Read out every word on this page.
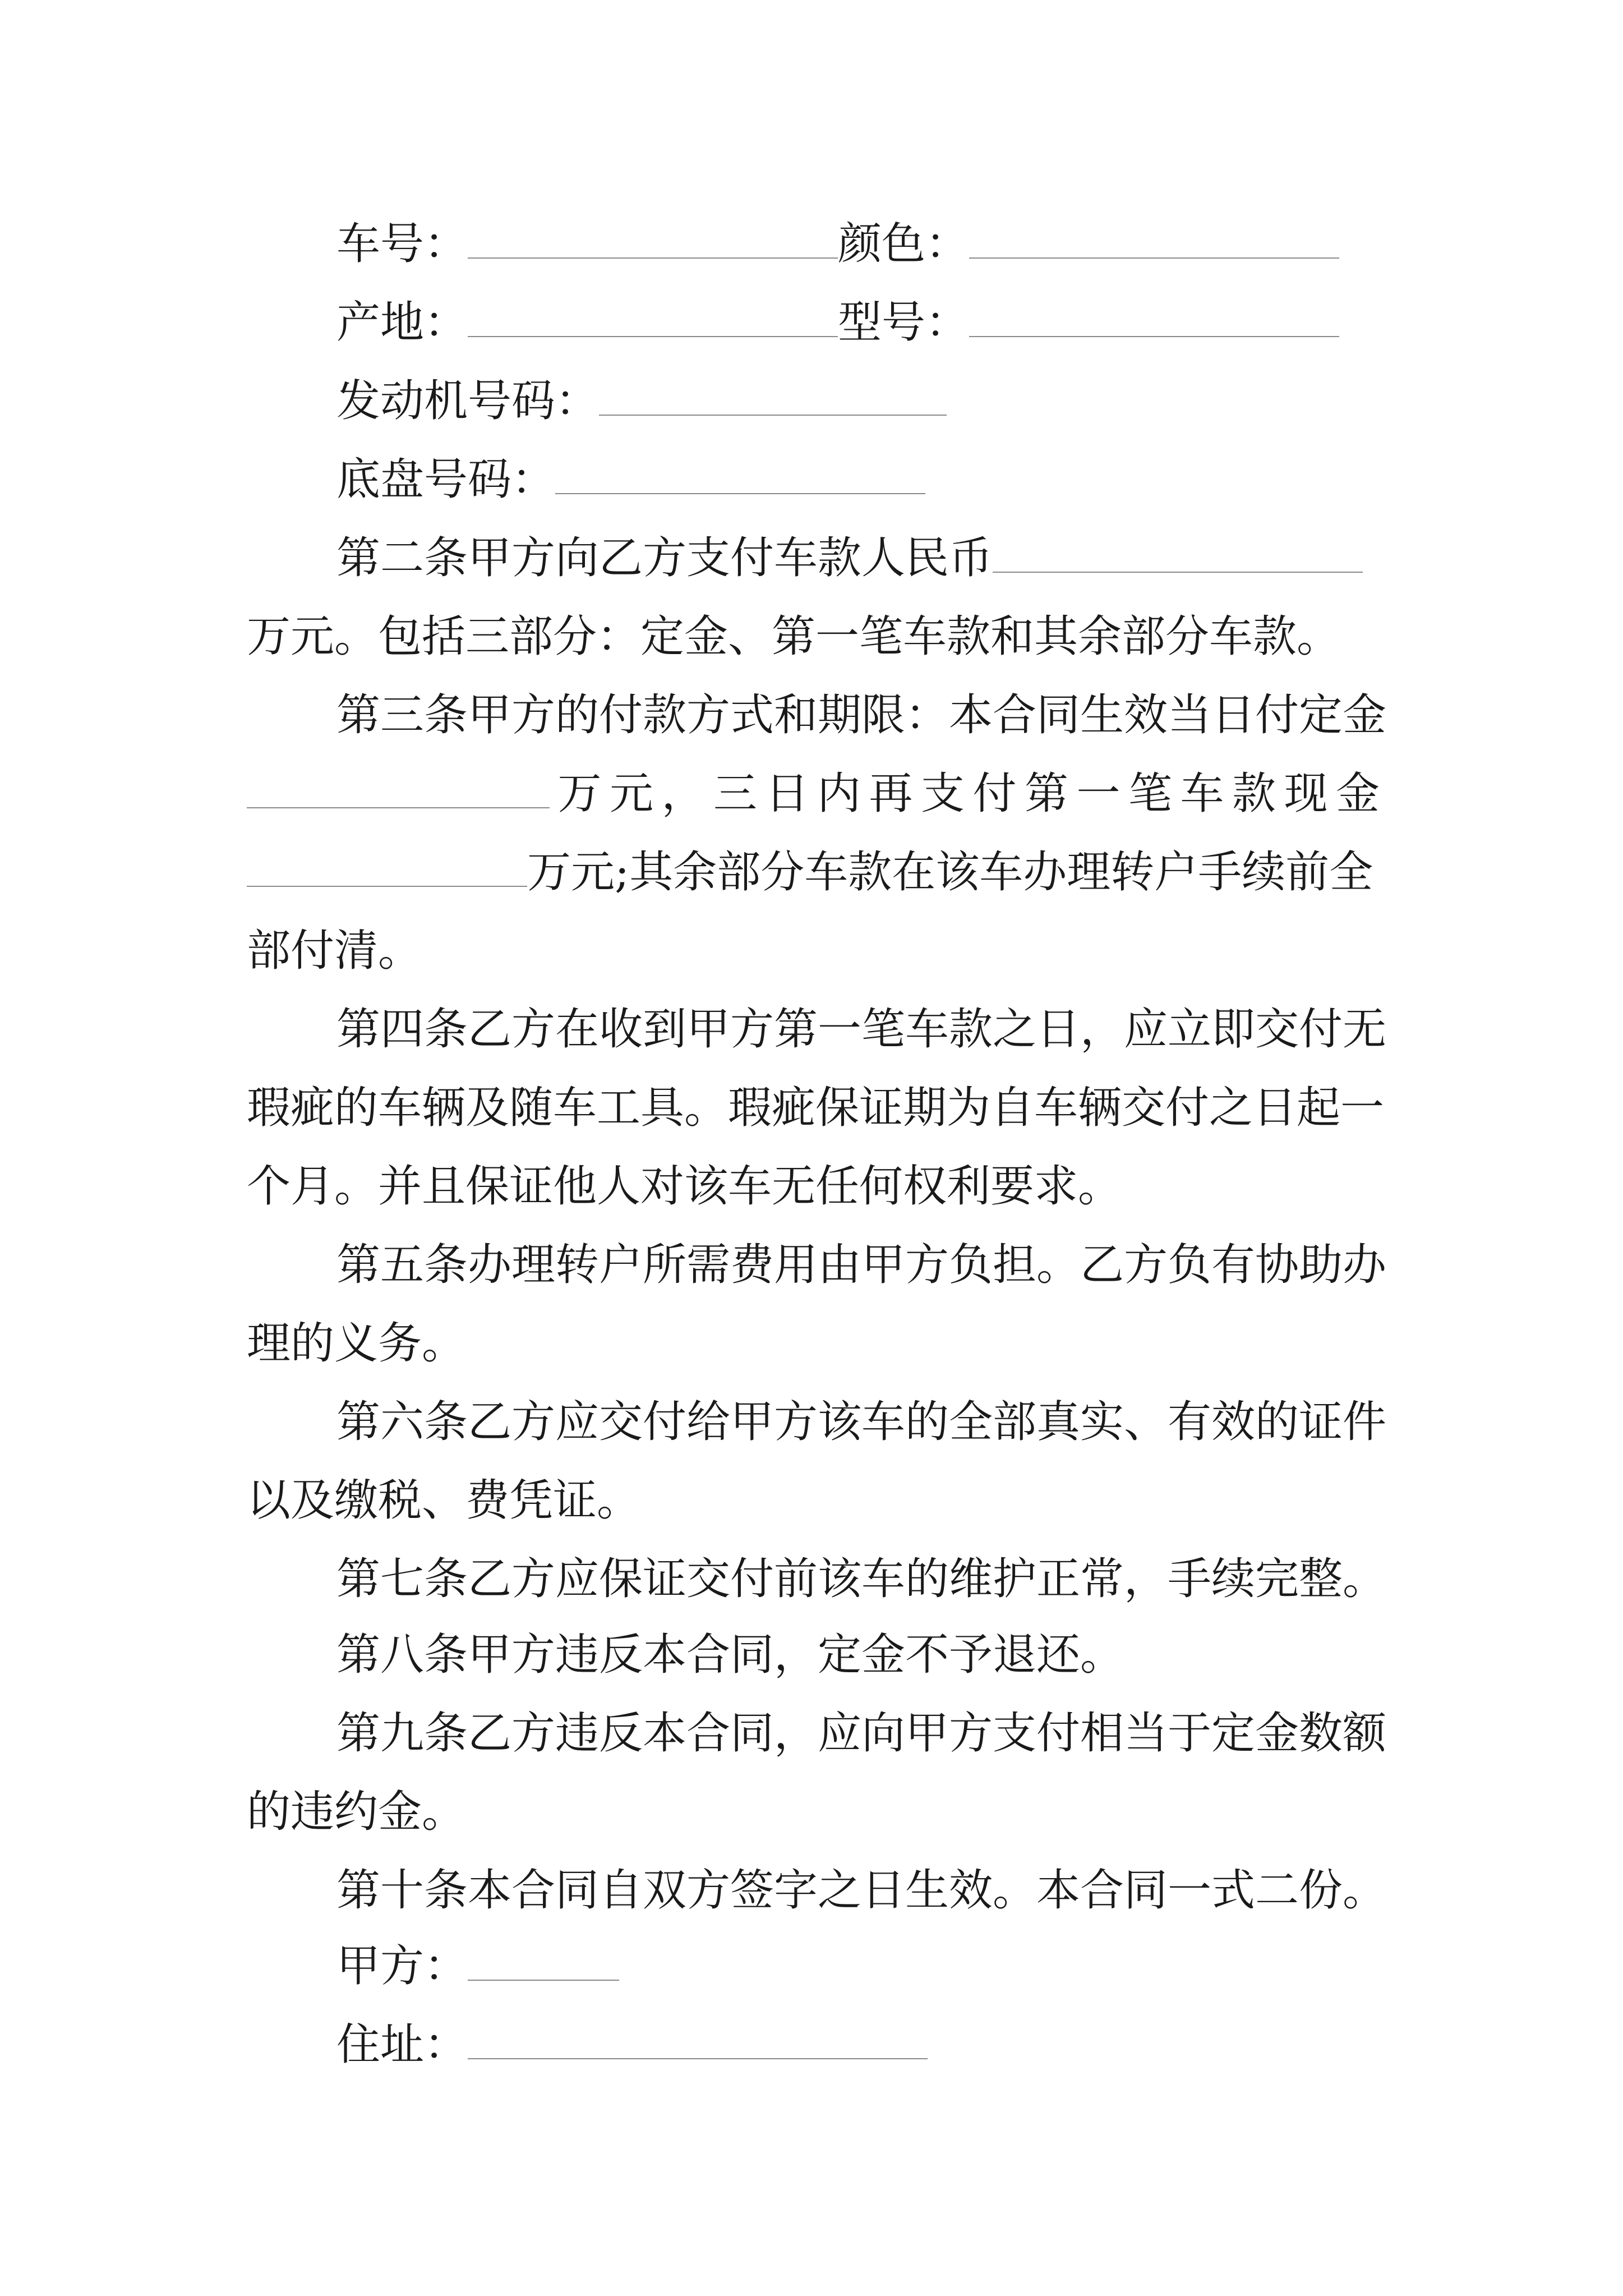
车号：	颜色：
产地：	型号：
发动机号码：
底盘号码：
第二条甲方向乙方支付车款人民币
万元。包括三部分：定金、第一笔车款和其余部分车款。
第三条甲方的付款方式和期限：本合同生效当日付定金
万 元 ， 三 日 内 再 支 付 第 一 笔 车 款 现 金
万元;其余部分车款在该车办理转户手续前全
部付清。
第四条乙方在收到甲方第一笔车款之日，应立即交付无
瑕疵的车辆及随车工具。瑕疵保证期为自车辆交付之日起一
个月。并且保证他人对该车无任何权利要求。
第五条办理转户所需费用由甲方负担。乙方负有协助办
理的义务。
第六条乙方应交付给甲方该车的全部真实、有效的证件
以及缴税、费凭证。
第七条乙方应保证交付前该车的维护正常，手续完整。
第八条甲方违反本合同，定金不予退还。
第九条乙方违反本合同，应向甲方支付相当于定金数额
的违约金。
第十条本合同自双方签字之日生效。本合同一式二份。
甲方：
住址：
